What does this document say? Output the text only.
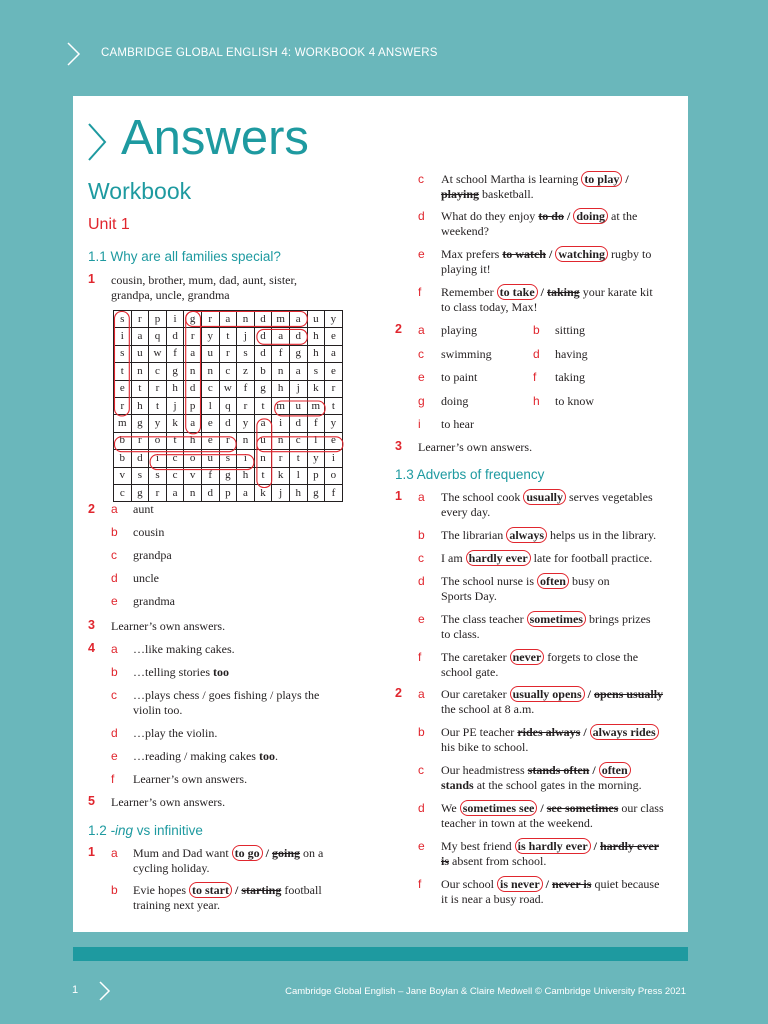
CAMBRIDGE GLOBAL ENGLISH 4: WORKBOOK 4 ANSWERS
Answers
Workbook
Unit 1
1.1 Why are all families special?
1 cousin, brother, mum, dad, aunt, sister,
grandpa, uncle, grandma
s	r	p	i	g	r	a	n	d	m	a	u	y
i	a	q	d	r	y	t	j	d	a	d	h	e
s	u	w	f	a	u	r	s	d	f	g	h	a
t	n	c	g	n	n	c	z	b	n	a	s	e
e	t	r	h	d	c	w	f	g	h	j	k	r
r	h	t	j	p	l	q	r	t	m	u	m	t
m	g	y	k	a	e	d	y	a	i	d	f	y
b	r	o	t	h	e	r	n	u	n	c	l	e
b	d	i	c	o	u	s	i	n	r	t	y	i
v	s	s	c	v	f	g	h	t	k	l	p	o
c	g	r	a	n	d	p	a	k	j	h	g	f
2 a aunt
b cousin
c grandpa
d uncle
e grandma
3 Learner’s own answers.
4 a …like making cakes.
b …telling stories too
c …plays chess / goes fishing / plays the
violin too.
d …play the violin.
e …reading / making cakes too.
f Learner’s own answers.
5 Learner’s own answers.
1.2 -ing vs infinitive
1 a Mum and Dad want to go / going on a
cycling holiday.
b Evie hopes to start / starting football
training next year.
c At school Martha is learning to play /
playing basketball.
d What do they enjoy to do / doing at the
weekend?
e Max prefers to watch / watching rugby to
playing it!
f Remember to take / taking your karate kit
to class today, Max!
2 a playing	b sitting
c swimming	d having
e to paint	f taking
g doing	h to know
i to hear
3 Learner’s own answers.
1.3 Adverbs of frequency
1 a The school cook usually serves vegetables
every day.
b The librarian always helps us in the library.
c I am hardly ever late for football practice.
d The school nurse is often busy on
Sports Day.
e The class teacher sometimes brings prizes
to class.
f The caretaker never forgets to close the
school gate.
2 a Our caretaker usually opens / opens usually
the school at 8 a.m.
b Our PE teacher rides always / always rides
his bike to school.
c Our headmistress stands often / often
stands at the school gates in the morning.
d We sometimes see / see sometimes our class
teacher in town at the weekend.
e My best friend is hardly ever / hardly ever
is absent from school.
f Our school is never / never is quiet because
it is near a busy road.
1	Cambridge Global English – Jane Boylan & Claire Medwell © Cambridge University Press 2021
